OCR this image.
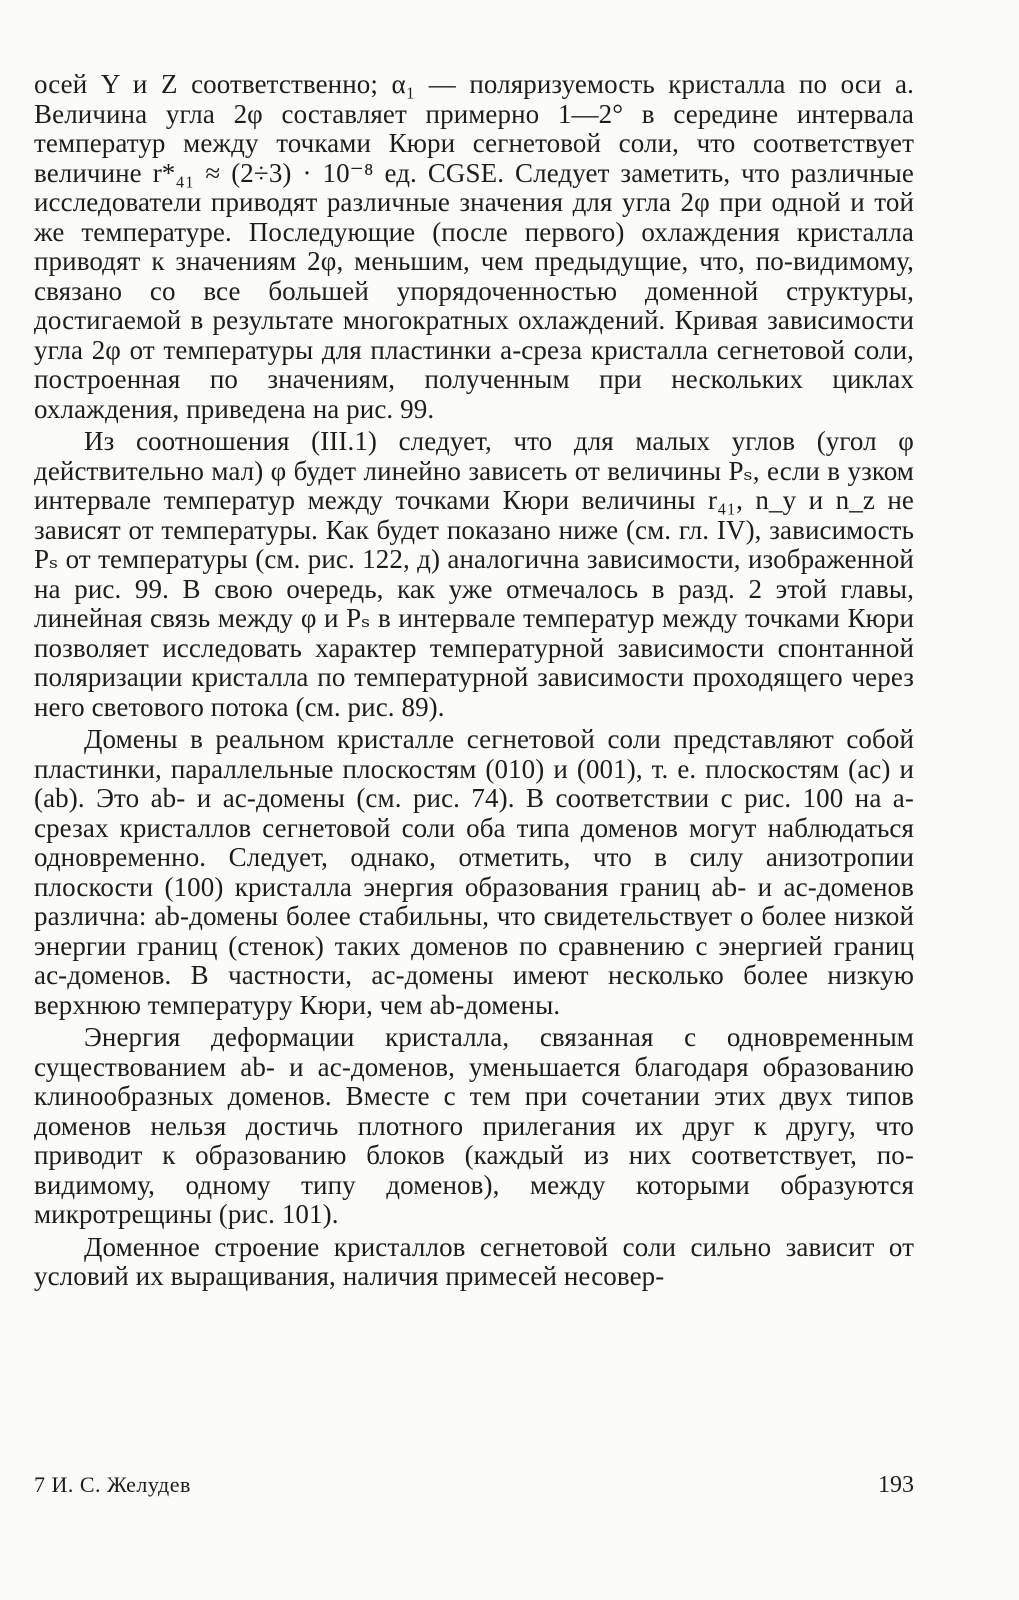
осей Y и Z соответственно; α₁ — поляризуемость кристалла по оси a. Величина угла 2φ составляет примерно 1—2° в середине интервала температур между точками Кюри сегнетовой соли, что соответствует величине r*₄₁ ≈ (2÷3) · 10⁻⁸ ед. CGSE. Следует заметить, что различные исследователи приводят различные значения для угла 2φ при одной и той же температуре. Последующие (после первого) охлаждения кристалла приводят к значениям 2φ, меньшим, чем предыдущие, что, по-видимому, связано со все большей упорядоченностью доменной структуры, достигаемой в результате многократных охлаждений. Кривая зависимости угла 2φ от температуры для пластинки a-среза кристалла сегнетовой соли, построенная по значениям, полученным при нескольких циклах охлаждения, приведена на рис. 99.

Из соотношения (III.1) следует, что для малых углов (угол φ действительно мал) φ будет линейно зависеть от величины Pₛ, если в узком интервале температур между точками Кюри величины r₄₁, n_y и n_z не зависят от температуры. Как будет показано ниже (см. гл. IV), зависимость Pₛ от температуры (см. рис. 122, д) аналогична зависимости, изображенной на рис. 99. В свою очередь, как уже отмечалось в разд. 2 этой главы, линейная связь между φ и Pₛ в интервале температур между точками Кюри позволяет исследовать характер температурной зависимости спонтанной поляризации кристалла по температурной зависимости проходящего через него светового потока (см. рис. 89).

Домены в реальном кристалле сегнетовой соли представляют собой пластинки, параллельные плоскостям (010) и (001), т. е. плоскостям (ac) и (ab). Это ab- и ac-домены (см. рис. 74). В соответствии с рис. 100 на a-срезах кристаллов сегнетовой соли оба типа доменов могут наблюдаться одновременно. Следует, однако, отметить, что в силу анизотропии плоскости (100) кристалла энергия образования границ ab- и ac-доменов различна: ab-домены более стабильны, что свидетельствует о более низкой энергии границ (стенок) таких доменов по сравнению с энергией границ ac-доменов. В частности, ac-домены имеют несколько более низкую верхнюю температуру Кюри, чем ab-домены.

Энергия деформации кристалла, связанная с одновременным существованием ab- и ac-доменов, уменьшается благодаря образованию клинообразных доменов. Вместе с тем при сочетании этих двух типов доменов нельзя достичь плотного прилегания их друг к другу, что приводит к образованию блоков (каждый из них соответствует, по-видимому, одному типу доменов), между которыми образуются микротрещины (рис. 101).

Доменное строение кристаллов сегнетовой соли сильно зависит от условий их выращивания, наличия примесей несовер-

7 И. С. Желудев	193
